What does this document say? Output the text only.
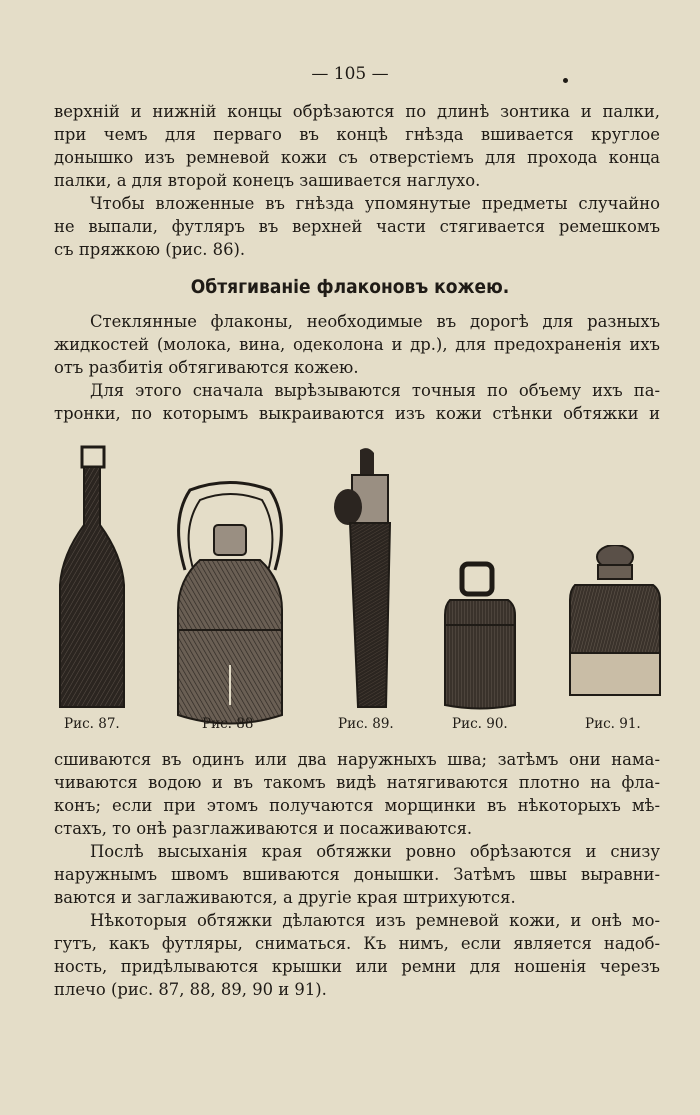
— 105 —
верхній и нижній концы обрѣзаются по длинѣ зонтика и палки,
при чемъ для перваго въ концѣ гнѣзда вшивается круглое
донышко изъ ремневой кожи съ отверстіемъ для прохода конца
палки, а для второй конецъ зашивается наглухо.
Чтобы вложенные въ гнѣзда упомянутые предметы случайно
не выпали, футляръ въ верхней части стягивается ремешкомъ
съ пряжкою (рис. 86).
Обтягиваніе флаконовъ кожею.
Стеклянные флаконы, необходимые въ дорогѣ для разныхъ
жидкостей (молока, вина, одеколона и др.), для предохраненія ихъ
отъ разбитія обтягиваются кожею.
Для этого сначала вырѣзываются точныя по объему ихъ па-
тронки, по которымъ выкраиваются изъ кожи стѣнки обтяжки и
Рис. 87.	Рис. 88	Рис. 89.	Рис. 90.	Рис. 91.
сшиваются въ одинъ или два наружныхъ шва; затѣмъ они нама-
чиваются водою и въ такомъ видѣ натягиваются плотно на фла-
конъ; если при этомъ получаются морщинки въ нѣкоторыхъ мѣ-
стахъ, то онѣ разглаживаются и посаживаются.
Послѣ высыханія края обтяжки ровно обрѣзаются и снизу
наружнымъ швомъ вшиваются донышки. Затѣмъ швы выравни-
ваются и заглаживаются, а другіе края штрихуются.
Нѣкоторыя обтяжки дѣлаются изъ ремневой кожи, и онѣ мо-
гутъ, какъ футляры, сниматься. Къ нимъ, если является надоб-
ность, придѣлываются крышки или ремни для ношенія черезъ
плечо (рис. 87, 88, 89, 90 и 91).
